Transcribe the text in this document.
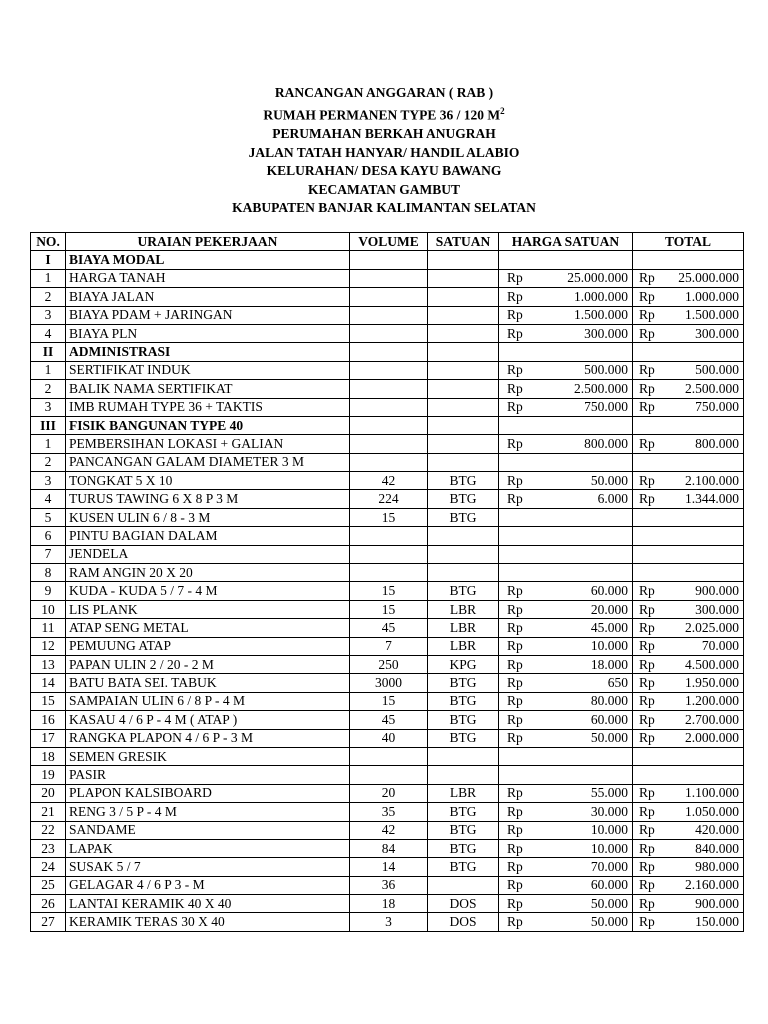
RANCANGAN ANGGARAN ( RAB )
RUMAH PERMANEN TYPE 36 / 120 $M^2$
PERUMAHAN BERKAH ANUGRAH
JALAN TATAH HANYAR/ HANDIL ALABIO
KELURAHAN/ DESA KAYU BAWANG
KECAMATAN GAMBUT
KABUPATEN BANJAR KALIMANTAN SELATAN
NO.	URAIAN PEKERJAAN	VOLUME	SATUAN	HARGA SATUAN	TOTAL
I	BIAYA MODAL				
1	HARGA TANAH			Rp 25.000.000	Rp 25.000.000

2	BIAYA JALAN			Rp 1.000.000	Rp 1.000.000

3	BIAYA PDAM + JARINGAN			Rp 1.500.000	Rp 1.500.000

4	BIAYA PLN			Rp 300.000	Rp 300.000

II	ADMINISTRASI				
1	SERTIFIKAT INDUK			Rp 500.000	Rp 500.000

2	BALIK NAMA SERTIFIKAT			Rp 2.500.000	Rp 2.500.000

3	IMB RUMAH TYPE 36 + TAKTIS			Rp 750.000	Rp 750.000

III	FISIK BANGUNAN TYPE 40				
1	PEMBERSIHAN LOKASI + GALIAN			Rp 800.000	Rp 800.000

2	PANCANGAN GALAM DIAMETER 3 M			

3	TONGKAT 5 X 10	42	BTG	Rp 50.000	Rp 2.100.000

4	TURUS TAWING 6 X 8 P 3 M	224	BTG	Rp 6.000	Rp 1.344.000

5	KUSEN ULIN 6 / 8 - 3 M	15	BTG	

6	PINTU BAGIAN DALAM			

7	JENDELA			

8	RAM ANGIN 20 X 20			

9	KUDA - KUDA 5 / 7 - 4 M	15	BTG	Rp 60.000	Rp 900.000

10	LIS PLANK	15	LBR	Rp 20.000	Rp 300.000

11	ATAP SENG METAL	45	LBR	Rp 45.000	Rp 2.025.000

12	PEMUUNG ATAP	7	LBR	Rp 10.000	Rp 70.000

13	PAPAN ULIN 2 / 20 - 2 M	250	KPG	Rp 18.000	Rp 4.500.000

14	BATU BATA SEI. TABUK	3000	BTG	Rp 650	Rp 1.950.000

15	SAMPAIAN ULIN 6 / 8 P - 4 M	15	BTG	Rp 80.000	Rp 1.200.000

16	KASAU 4 / 6 P - 4 M ( ATAP )	45	BTG	Rp 60.000	Rp 2.700.000

17	RANGKA PLAPON 4 / 6 P - 3 M	40	BTG	Rp 50.000	Rp 2.000.000

18	SEMEN GRESIK			

19	PASIR			

20	PLAPON KALSIBOARD	20	LBR	Rp 55.000	Rp 1.100.000

21	RENG 3 / 5 P - 4 M	35	BTG	Rp 30.000	Rp 1.050.000

22	SANDAME	42	BTG	Rp 10.000	Rp 420.000

23	LAPAK	84	BTG	Rp 10.000	Rp 840.000

24	SUSAK 5 / 7	14	BTG	Rp 70.000	Rp 980.000

25	GELAGAR 4 / 6 P 3 - M	36		Rp 60.000	Rp 2.160.000

26	LANTAI KERAMIK 40 X 40	18	DOS	Rp 50.000	Rp 900.000

27	KERAMIK TERAS 30 X 40	3	DOS	Rp 50.000	Rp 150.000
